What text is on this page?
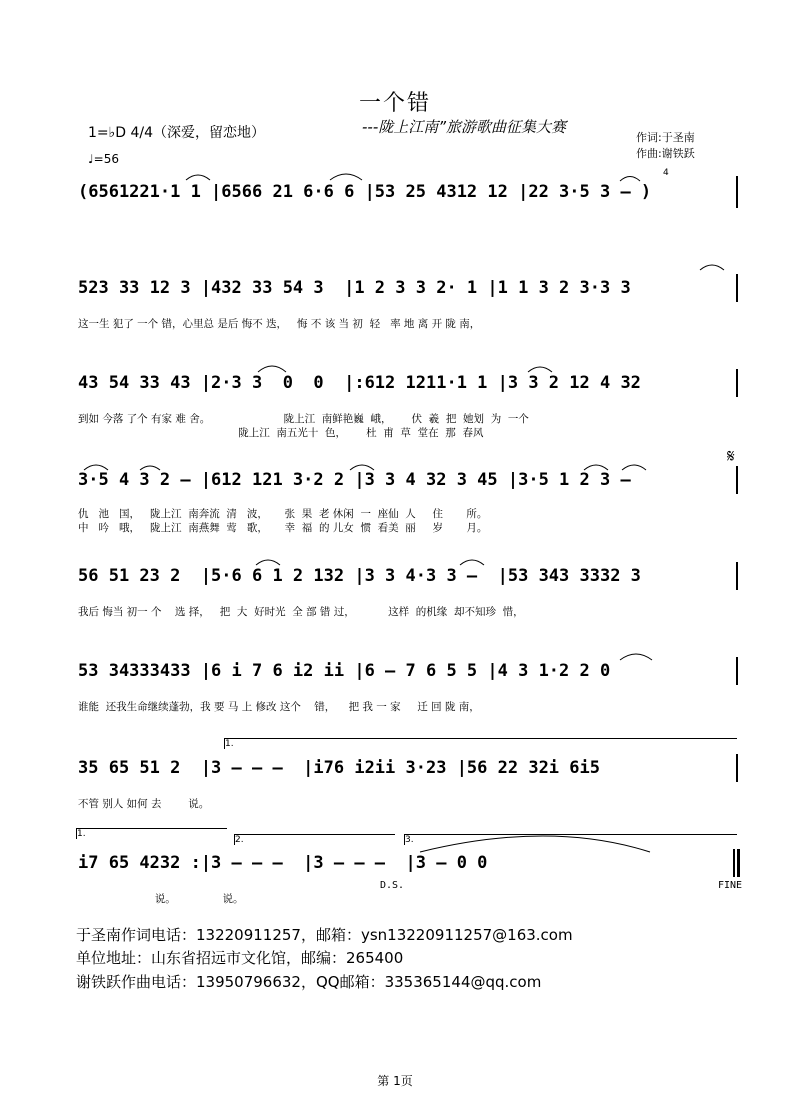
一个错
---陇上江南”旅游歌曲征集大赛
作词:于圣南
作曲:谢铁跃
1=♭D 4/4（深爱，留恋地）
♩=56
(6561221·1 1 |6566 21 6·6 6 |53 25 4312 12 |22 3·5 3 – )
4
523 33 12 3 |432 33 54 3  |1 2 3 3 2· 1 |1 1 3 2 3·3 3
这一生 犯了 一个 错，心里总 是后 悔不 迭，   悔 不 该 当 初  轻   率 地 离 开 陇 南，
43 54 33 43 |2·3 3  0  0  |:612 1211·1 1 |3 3 2 12 4 32
到如 今落 了个 有家 难 舍。                      陇上江  南鲜艳巍  峨，      伏  羲  把  她划  为  一个
陇上江  南五光十  色，      杜  甫  草  堂在  那  春风
3·5 4 3 2 – |612 121 3·2 2 |3 3 4 32 3 45 |3·5 1 2 3 –
仇   池   国，   陇上江  南奔流  清   波，     张  果  老 休闲  一  座仙  人     住       所。
中   吟   哦，   陇上江  南燕舞  莺   歌，     幸  福  的 儿女  惯  看美  丽     岁       月。
𝄋
56 51 23 2  |5·6 6 1 2 132 |3 3 4·3 3 –  |53 343 3332 3
我后 悔当 初一 个    选 择，   把  大  好时光  全 部 错 过，          这样  的机缘  却不知珍  惜，
53 34333433 |6 i 7 6 i2 ii |6 – 7 6 5 5 |4 3 1·2 2 0
谁能  还我生命继续蓬勃，我 要 马 上 修改 这个    错，    把 我 一 家     迁 回 陇 南，
1.
35 65 51 2  |3 – – –  |i76 i2ii 3·23 |56 22 32i 6i5
不管 别人 如何 去        说。
1.
2.	3.
i7 65 4232 :|3 – – –  |3 – – –  |3 – 0 0
说。              说。
D.S.	FINE
于圣南作词电话：13220911257，邮箱：ysn13220911257@163.com
单位地址：山东省招远市文化馆，邮编：265400
谢铁跃作曲电话：13950796632，QQ邮箱：335365144@qq.com
第 1页
